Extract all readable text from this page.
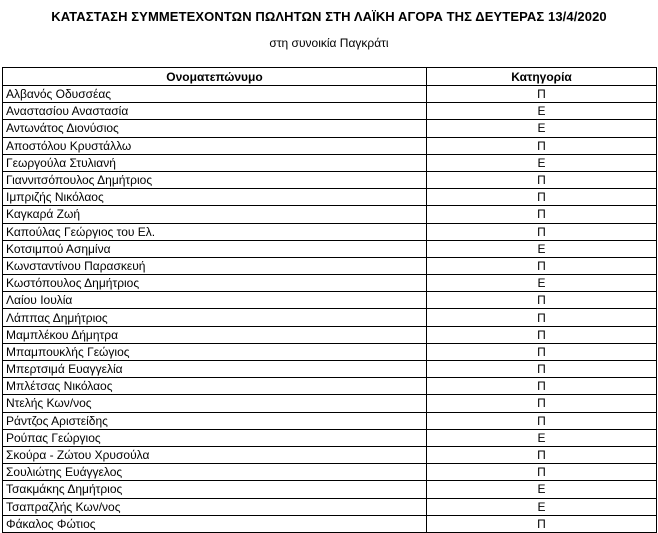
ΚΑΤΑΣΤΑΣΗ ΣΥΜΜΕΤΕΧΟΝΤΩΝ ΠΩΛΗΤΩΝ ΣΤΗ ΛΑΪΚΗ ΑΓΟΡΑ ΤΗΣ ΔΕΥΤΕΡΑΣ 13/4/2020
στη συνοικία Παγκράτι
Ονοματεπώνυμο	Κατηγορία
Αλβανός Οδυσσέας	Π
Αναστασίου Αναστασία	Ε
Αντωνάτος Διονύσιος	Ε
Αποστόλου Κρυστάλλω	Π
Γεωργούλα Στυλιανή	Ε
Γιαννιτσόπουλος Δημήτριος	Π
Ιμπριζής Νικόλαος	Π
Καγκαρά Ζωή	Π
Καπούλας Γεώργιος του Ελ.	Π
Κοτσιμπού Ασημίνα	Ε
Κωνσταντίνου Παρασκευή	Π
Κωστόπουλος Δημήτριος	Ε
Λαίου Ιουλία	Π
Λάππας Δημήτριος	Π
Μαμπλέκου Δήμητρα	Π
Μπαμπουκλής Γεώγιος	Π
Μπερτσιμά Ευαγγελία	Π
Μπλέτσας Νικόλαος	Π
Ντελής Κων/νος	Π
Ράντζος Αριστείδης	Π
Ρούπας Γεώργιος	Ε
Σκούρα - Ζώτου Χρυσούλα	Π
Σουλιώτης Ευάγγελος	Π
Τσακμάκης Δημήτριος	Ε
Τσαπραζλής Κων/νος	Ε
Φάκαλος Φώτιος	Π
